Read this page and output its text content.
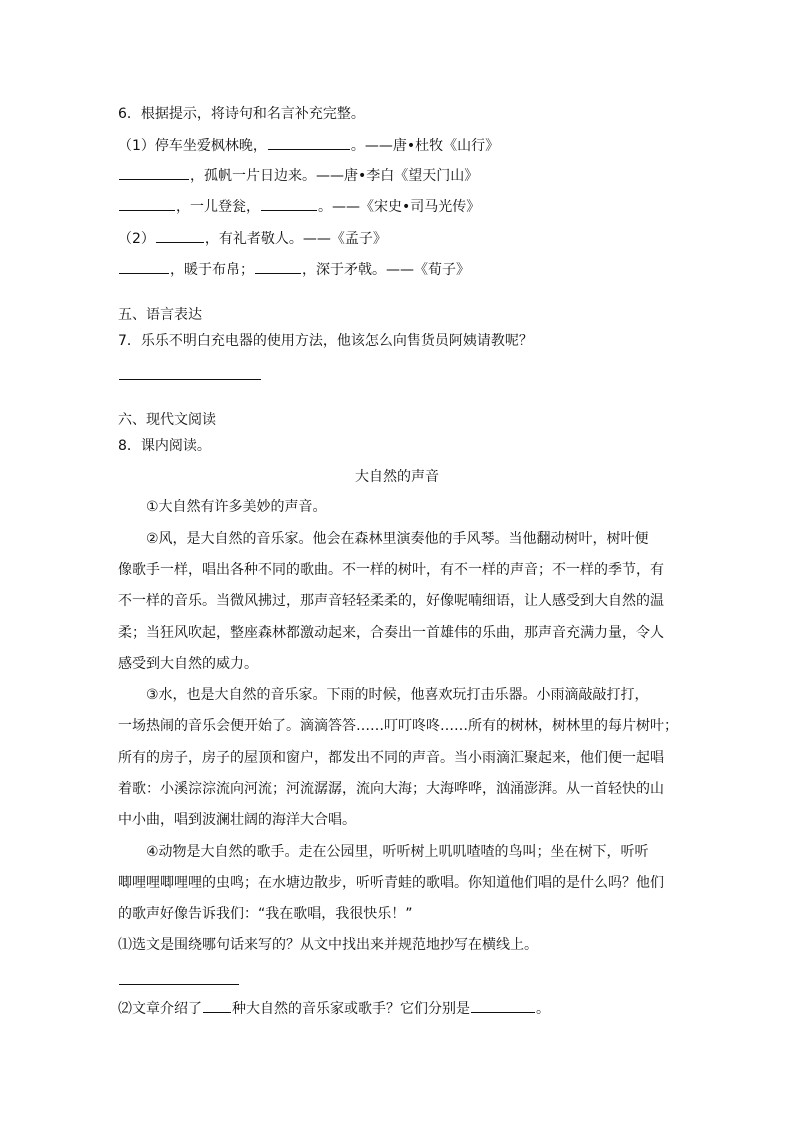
6．根据提示，将诗句和名言补充完整。
（1）停车坐爱枫林晚，	。——唐•杜牧《山行》
，孤帆一片日边来。——唐•李白《望天门山》
，一儿登瓮，	。——《宋史•司马光传》
（2）	，有礼者敬人。——《孟子》
，暖于布帛；	，深于矛戟。——《荀子》
五、语言表达
7．乐乐不明白充电器的使用方法，他该怎么向售货员阿姨请教呢？
六、现代文阅读
8．课内阅读。
大自然的声音
①大自然有许多美妙的声音。
②风，是大自然的音乐家。他会在森林里演奏他的手风琴。当他翻动树叶，树叶便
像歌手一样，唱出各种不同的歌曲。不一样的树叶，有不一样的声音；不一样的季节，有
不一样的音乐。当微风拂过，那声音轻轻柔柔的，好像呢喃细语，让人感受到大自然的温
柔；当狂风吹起，整座森林都激动起来，合奏出一首雄伟的乐曲，那声音充满力量，令人
感受到大自然的威力。
③水，也是大自然的音乐家。下雨的时候，他喜欢玩打击乐器。小雨滴敲敲打打，
一场热闹的音乐会便开始了。滴滴答答……叮叮咚咚……所有的树林，树林里的每片树叶；
所有的房子，房子的屋顶和窗户，都发出不同的声音。当小雨滴汇聚起来，他们便一起唱
着歌：小溪淙淙流向河流；河流潺潺，流向大海；大海哗哗，汹涌澎湃。从一首轻快的山
中小曲，唱到波澜壮阔的海洋大合唱。
④动物是大自然的歌手。走在公园里，听听树上叽叽喳喳的鸟叫；坐在树下，听听
唧哩哩唧哩哩的虫鸣；在水塘边散步，听听青蛙的歌唱。你知道他们唱的是什么吗？他们
的歌声好像告诉我们：“我在歌唱，我很快乐！”
⑴选文是围绕哪句话来写的？从文中找出来并规范地抄写在横线上。
⑵文章介绍了 种大自然的音乐家或歌手？它们分别是	。
